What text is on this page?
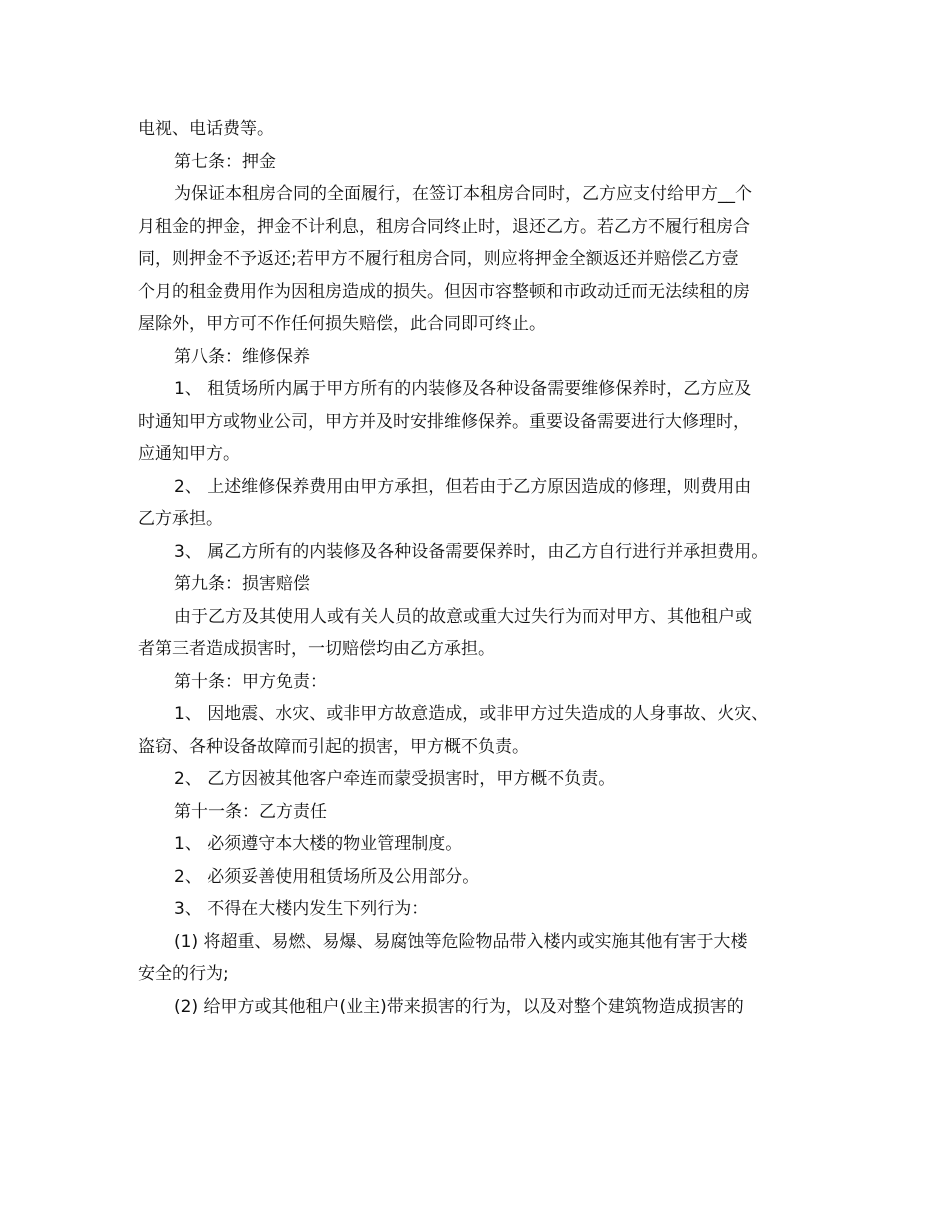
电视、电话费等。
第七条：押金
为保证本租房合同的全面履行，在签订本租房合同时，乙方应支付给甲方__个
月租金的押金，押金不计利息，租房合同终止时，退还乙方。若乙方不履行租房合
同，则押金不予返还;若甲方不履行租房合同，则应将押金全额返还并赔偿乙方壹
个月的租金费用作为因租房造成的损失。但因市容整顿和市政动迁而无法续租的房
屋除外，甲方可不作任何损失赔偿，此合同即可终止。
第八条：维修保养
1、 租赁场所内属于甲方所有的内装修及各种设备需要维修保养时，乙方应及
时通知甲方或物业公司，甲方并及时安排维修保养。重要设备需要进行大修理时，
应通知甲方。
2、 上述维修保养费用由甲方承担，但若由于乙方原因造成的修理，则费用由
乙方承担。
3、 属乙方所有的内装修及各种设备需要保养时，由乙方自行进行并承担费用。
第九条：损害赔偿
由于乙方及其使用人或有关人员的故意或重大过失行为而对甲方、其他租户或
者第三者造成损害时，一切赔偿均由乙方承担。
第十条：甲方免责：
1、 因地震、水灾、或非甲方故意造成，或非甲方过失造成的人身事故、火灾、
盗窃、各种设备故障而引起的损害，甲方概不负责。
2、 乙方因被其他客户牵连而蒙受损害时，甲方概不负责。
第十一条：乙方责任
1、 必须遵守本大楼的物业管理制度。
2、 必须妥善使用租赁场所及公用部分。
3、 不得在大楼内发生下列行为：
(1) 将超重、易燃、易爆、易腐蚀等危险物品带入楼内或实施其他有害于大楼
安全的行为;
(2) 给甲方或其他租户(业主)带来损害的行为，以及对整个建筑物造成损害的
